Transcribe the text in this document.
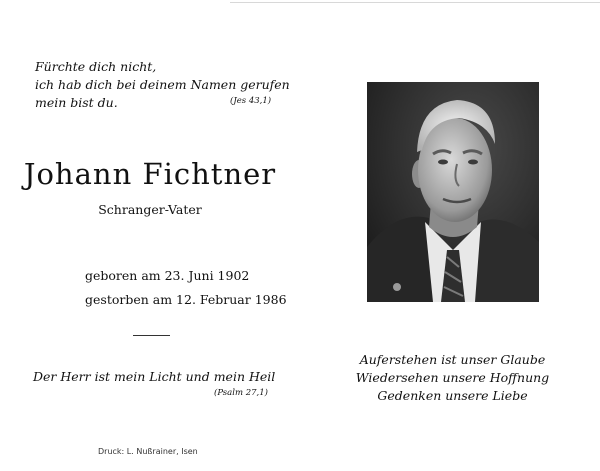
Fürchte dich nicht,
ich hab dich bei deinem Namen gerufen
mein bist du.	(Jes 43,1)
Johann Fichtner
Schranger-Vater
geboren am 23. Juni 1902
gestorben am 12. Februar 1986
Der Herr ist mein Licht und mein Heil
(Psalm 27,1)
Druck: L. Nußrainer, Isen
Auferstehen ist unser Glaube
Wiedersehen unsere Hoffnung
Gedenken unsere Liebe
